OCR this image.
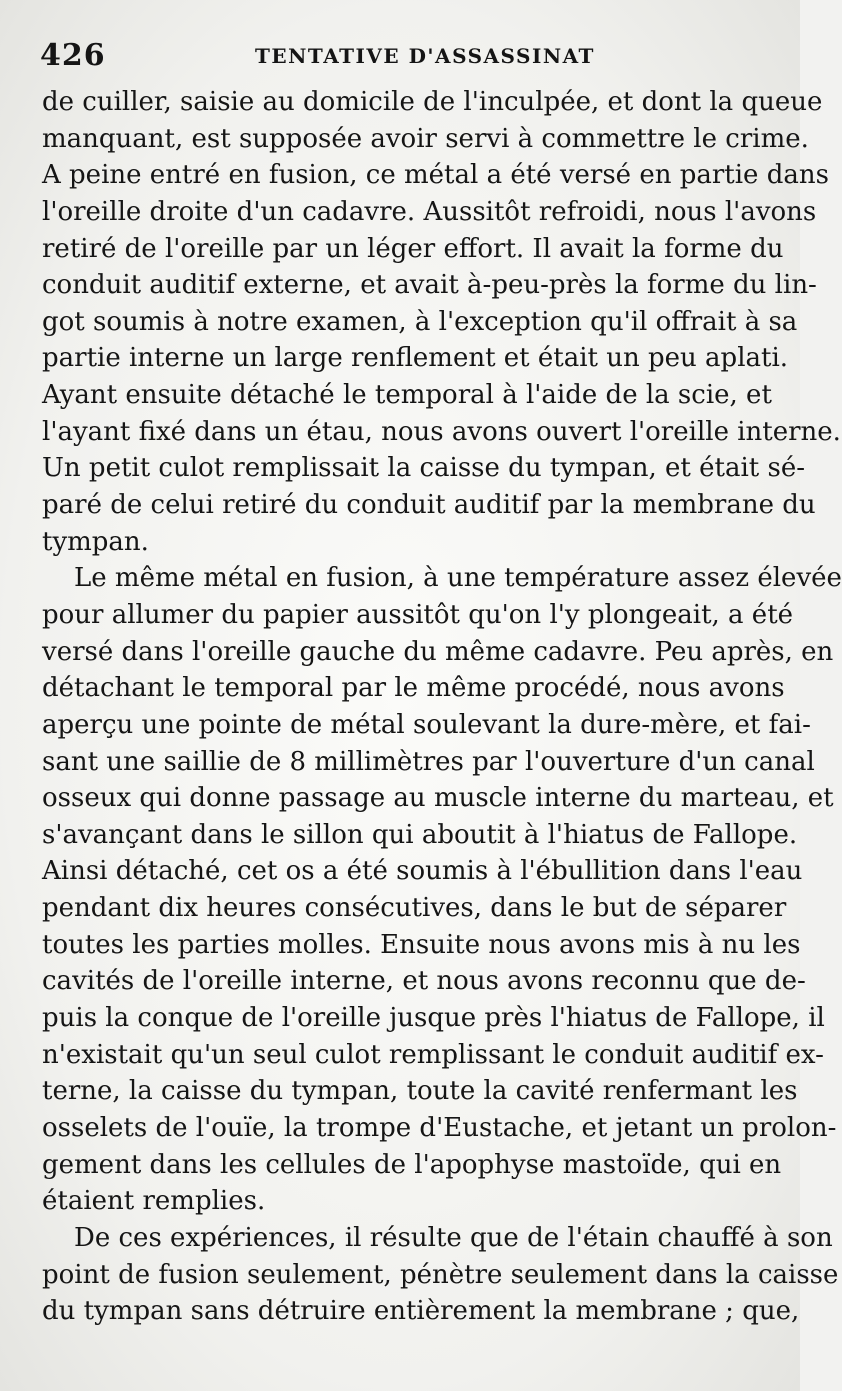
426	TENTATIVE D'ASSASSINAT
de cuiller, saisie au domicile de l'inculpée, et dont la queue
manquant, est supposée avoir servi à commettre le crime.
A peine entré en fusion, ce métal a été versé en partie dans
l'oreille droite d'un cadavre. Aussitôt refroidi, nous l'avons
retiré de l'oreille par un léger effort. Il avait la forme du
conduit auditif externe, et avait à-peu-près la forme du lin-
got soumis à notre examen, à l'exception qu'il offrait à sa
partie interne un large renflement et était un peu aplati.
Ayant ensuite détaché le temporal à l'aide de la scie, et
l'ayant fixé dans un étau, nous avons ouvert l'oreille interne.
Un petit culot remplissait la caisse du tympan, et était sé-
paré de celui retiré du conduit auditif par la membrane du
tympan.
Le même métal en fusion, à une température assez élevée
pour allumer du papier aussitôt qu'on l'y plongeait, a été
versé dans l'oreille gauche du même cadavre. Peu après, en
détachant le temporal par le même procédé, nous avons
aperçu une pointe de métal soulevant la dure-mère, et fai-
sant une saillie de 8 millimètres par l'ouverture d'un canal
osseux qui donne passage au muscle interne du marteau, et
s'avançant dans le sillon qui aboutit à l'hiatus de Fallope.
Ainsi détaché, cet os a été soumis à l'ébullition dans l'eau
pendant dix heures consécutives, dans le but de séparer
toutes les parties molles. Ensuite nous avons mis à nu les
cavités de l'oreille interne, et nous avons reconnu que de-
puis la conque de l'oreille jusque près l'hiatus de Fallope, il
n'existait qu'un seul culot remplissant le conduit auditif ex-
terne, la caisse du tympan, toute la cavité renfermant les
osselets de l'ouïe, la trompe d'Eustache, et jetant un prolon-
gement dans les cellules de l'apophyse mastoïde, qui en
étaient remplies.
De ces expériences, il résulte que de l'étain chauffé à son
point de fusion seulement, pénètre seulement dans la caisse
du tympan sans détruire entièrement la membrane ; que,
